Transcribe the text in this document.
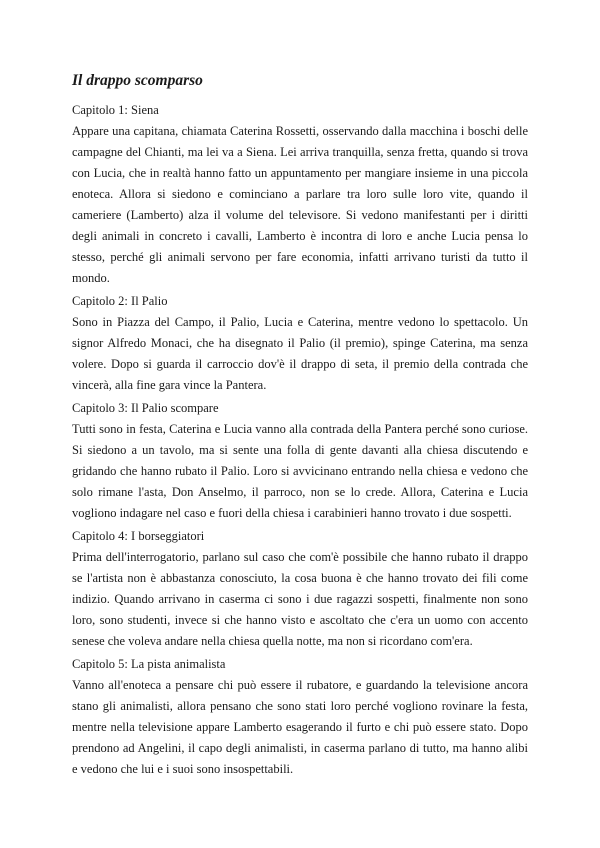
Il drappo scomparso

Capitolo 1: Siena

Appare una capitana, chiamata Caterina Rossetti, osservando dalla macchina i boschi delle campagne del Chianti, ma lei va a Siena. Lei arriva tranquilla, senza fretta, quando si trova con Lucia, che in realtà hanno fatto un appuntamento per mangiare insieme in una piccola enoteca. Allora si siedono e cominciano a parlare tra loro sulle loro vite, quando il cameriere (Lamberto) alza il volume del televisore. Si vedono manifestanti per i diritti degli animali in concreto i cavalli, Lamberto è incontra di loro e anche Lucia pensa lo stesso, perché gli animali servono per fare economia, infatti arrivano turisti da tutto il mondo.

Capitolo 2: Il Palio

Sono in Piazza del Campo, il Palio, Lucia e Caterina, mentre vedono lo spettacolo. Un signor Alfredo Monaci, che ha disegnato il Palio (il premio), spinge Caterina, ma senza volere. Dopo si guarda il carroccio dov'è il drappo di seta, il premio della contrada che vincerà, alla fine gara vince la Pantera.

Capitolo 3: Il Palio scompare

Tutti sono in festa, Caterina e Lucia vanno alla contrada della Pantera perché sono curiose. Si siedono a un tavolo, ma si sente una folla di gente davanti alla chiesa discutendo e gridando che hanno rubato il Palio. Loro si avvicinano entrando nella chiesa e vedono che solo rimane l'asta, Don Anselmo, il parroco, non se lo crede. Allora, Caterina e Lucia vogliono indagare nel caso e fuori della chiesa i carabinieri hanno trovato i due sospetti.

Capitolo 4: I borseggiatori

Prima dell'interrogatorio, parlano sul caso che com'è possibile che hanno rubato il drappo se l'artista non è abbastanza conosciuto, la cosa buona è che hanno trovato dei fili come indizio. Quando arrivano in caserma ci sono i due ragazzi sospetti, finalmente non sono loro, sono studenti, invece si che hanno visto e ascoltato che c'era un uomo con accento senese che voleva andare nella chiesa quella notte, ma non si ricordano com'era.

Capitolo 5: La pista animalista

Vanno all'enoteca a pensare chi può essere il rubatore, e guardando la televisione ancora stano gli animalisti, allora pensano che sono stati loro perché vogliono rovinare la festa, mentre nella televisione appare Lamberto esagerando il furto e chi può essere stato. Dopo prendono ad Angelini, il capo degli animalisti, in caserma parlano di tutto, ma hanno alibi e vedono che lui e i suoi sono insospettabili.
